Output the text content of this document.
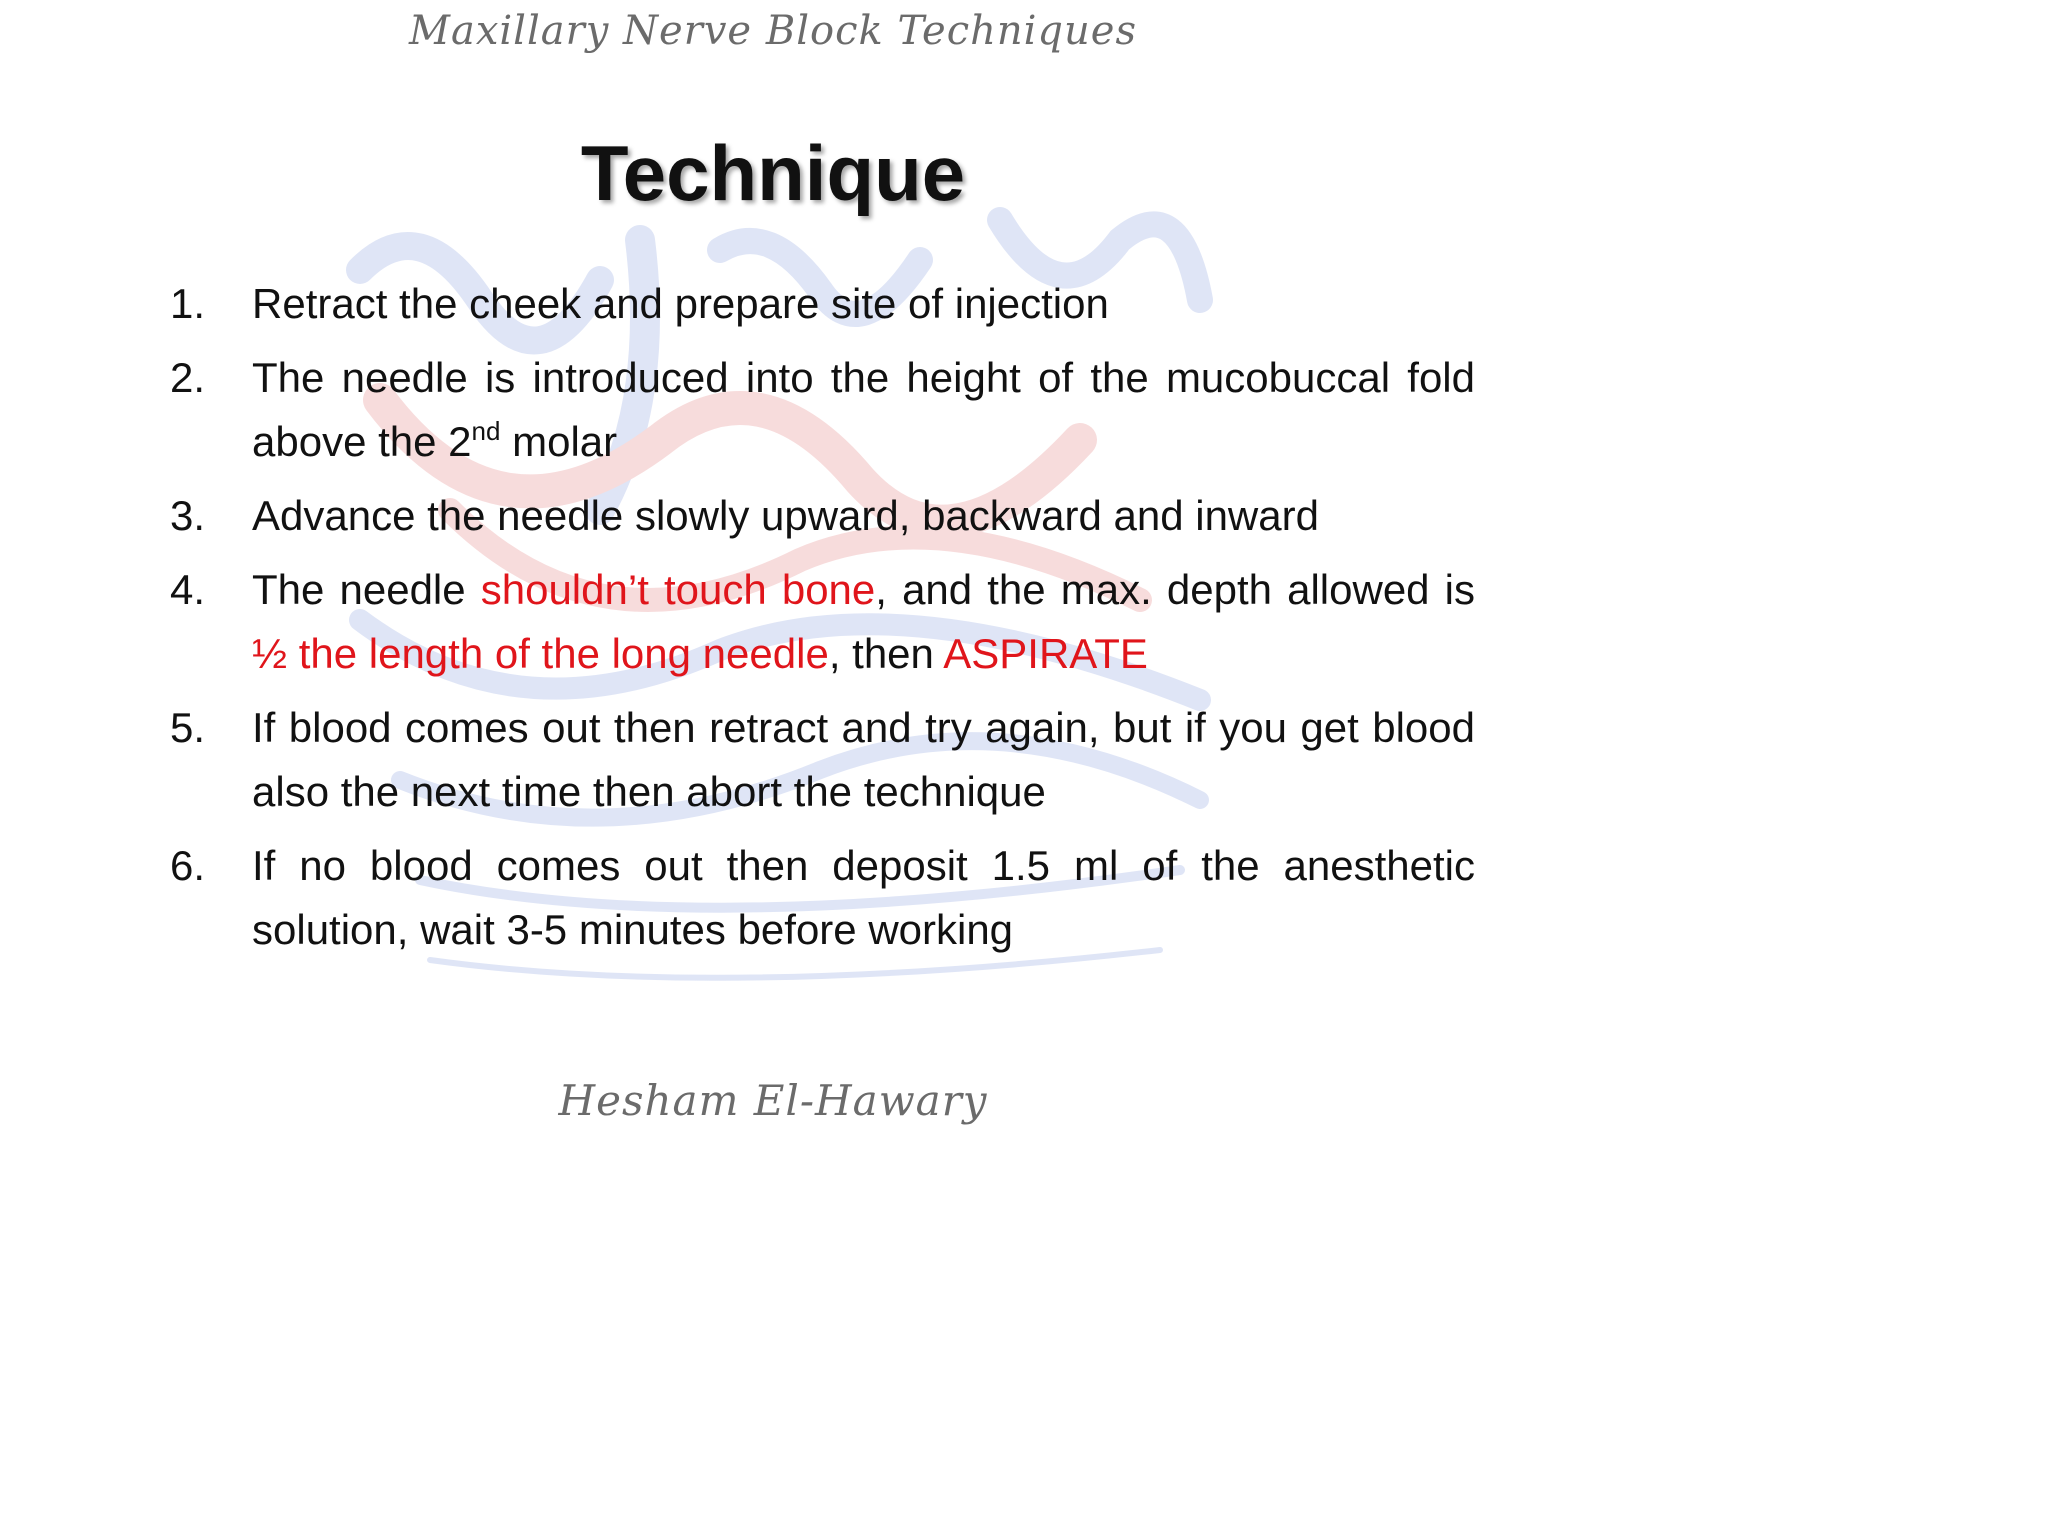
Maxillary Nerve Block Techniques
Technique
1.	Retract the cheek and prepare site of injection
2.	The needle is introduced into the height of the mucobuccal fold above the 2nd molar
3.	Advance the needle slowly upward, backward and inward
4.	The needle shouldn’t touch bone, and the max. depth allowed is ½ the length of the long needle, then ASPIRATE
5.	If blood comes out then retract and try again, but if you get blood also the next time then abort the technique
6.	If no blood comes out then deposit 1.5 ml of the anesthetic solution, wait 3-5 minutes before working
Hesham El-Hawary
